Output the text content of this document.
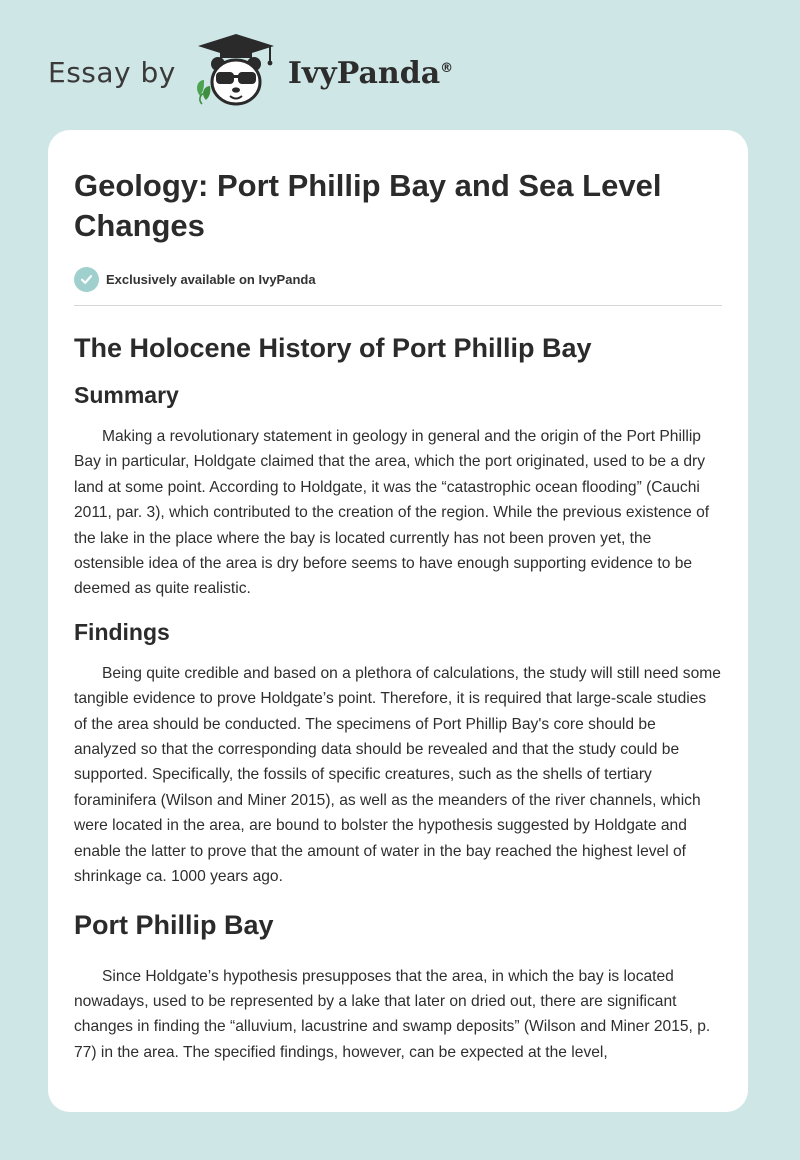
Essay by	IvyPanda®
Geology: Port Phillip Bay and Sea Level Changes
Exclusively available on IvyPanda
The Holocene History of Port Phillip Bay
Summary

Making a revolutionary statement in geology in general and the origin of the Port Phillip Bay in particular, Holdgate claimed that the area, which the port originated, used to be a dry land at some point. According to Holdgate, it was the “catastrophic ocean flooding” (Cauchi 2011, par. 3), which contributed to the creation of the region. While the previous existence of the lake in the place where the bay is located currently has not been proven yet, the ostensible idea of the area is dry before seems to have enough supporting evidence to be deemed as quite realistic.

Findings

Being quite credible and based on a plethora of calculations, the study will still need some tangible evidence to prove Holdgate’s point. Therefore, it is required that large-scale studies of the area should be conducted. The specimens of Port Phillip Bay's core should be analyzed so that the corresponding data should be revealed and that the study could be supported. Specifically, the fossils of specific creatures, such as the shells of tertiary foraminifera (Wilson and Miner 2015), as well as the meanders of the river channels, which were located in the area, are bound to bolster the hypothesis suggested by Holdgate and enable the latter to prove that the amount of water in the bay reached the highest level of shrinkage ca. 1000 years ago.

Port Phillip Bay

Since Holdgate’s hypothesis presupposes that the area, in which the bay is located nowadays, used to be represented by a lake that later on dried out, there are significant changes in finding the “alluvium, lacustrine and swamp deposits” (Wilson and Miner 2015, p. 77) in the area. The specified findings, however, can be expected at the level,
